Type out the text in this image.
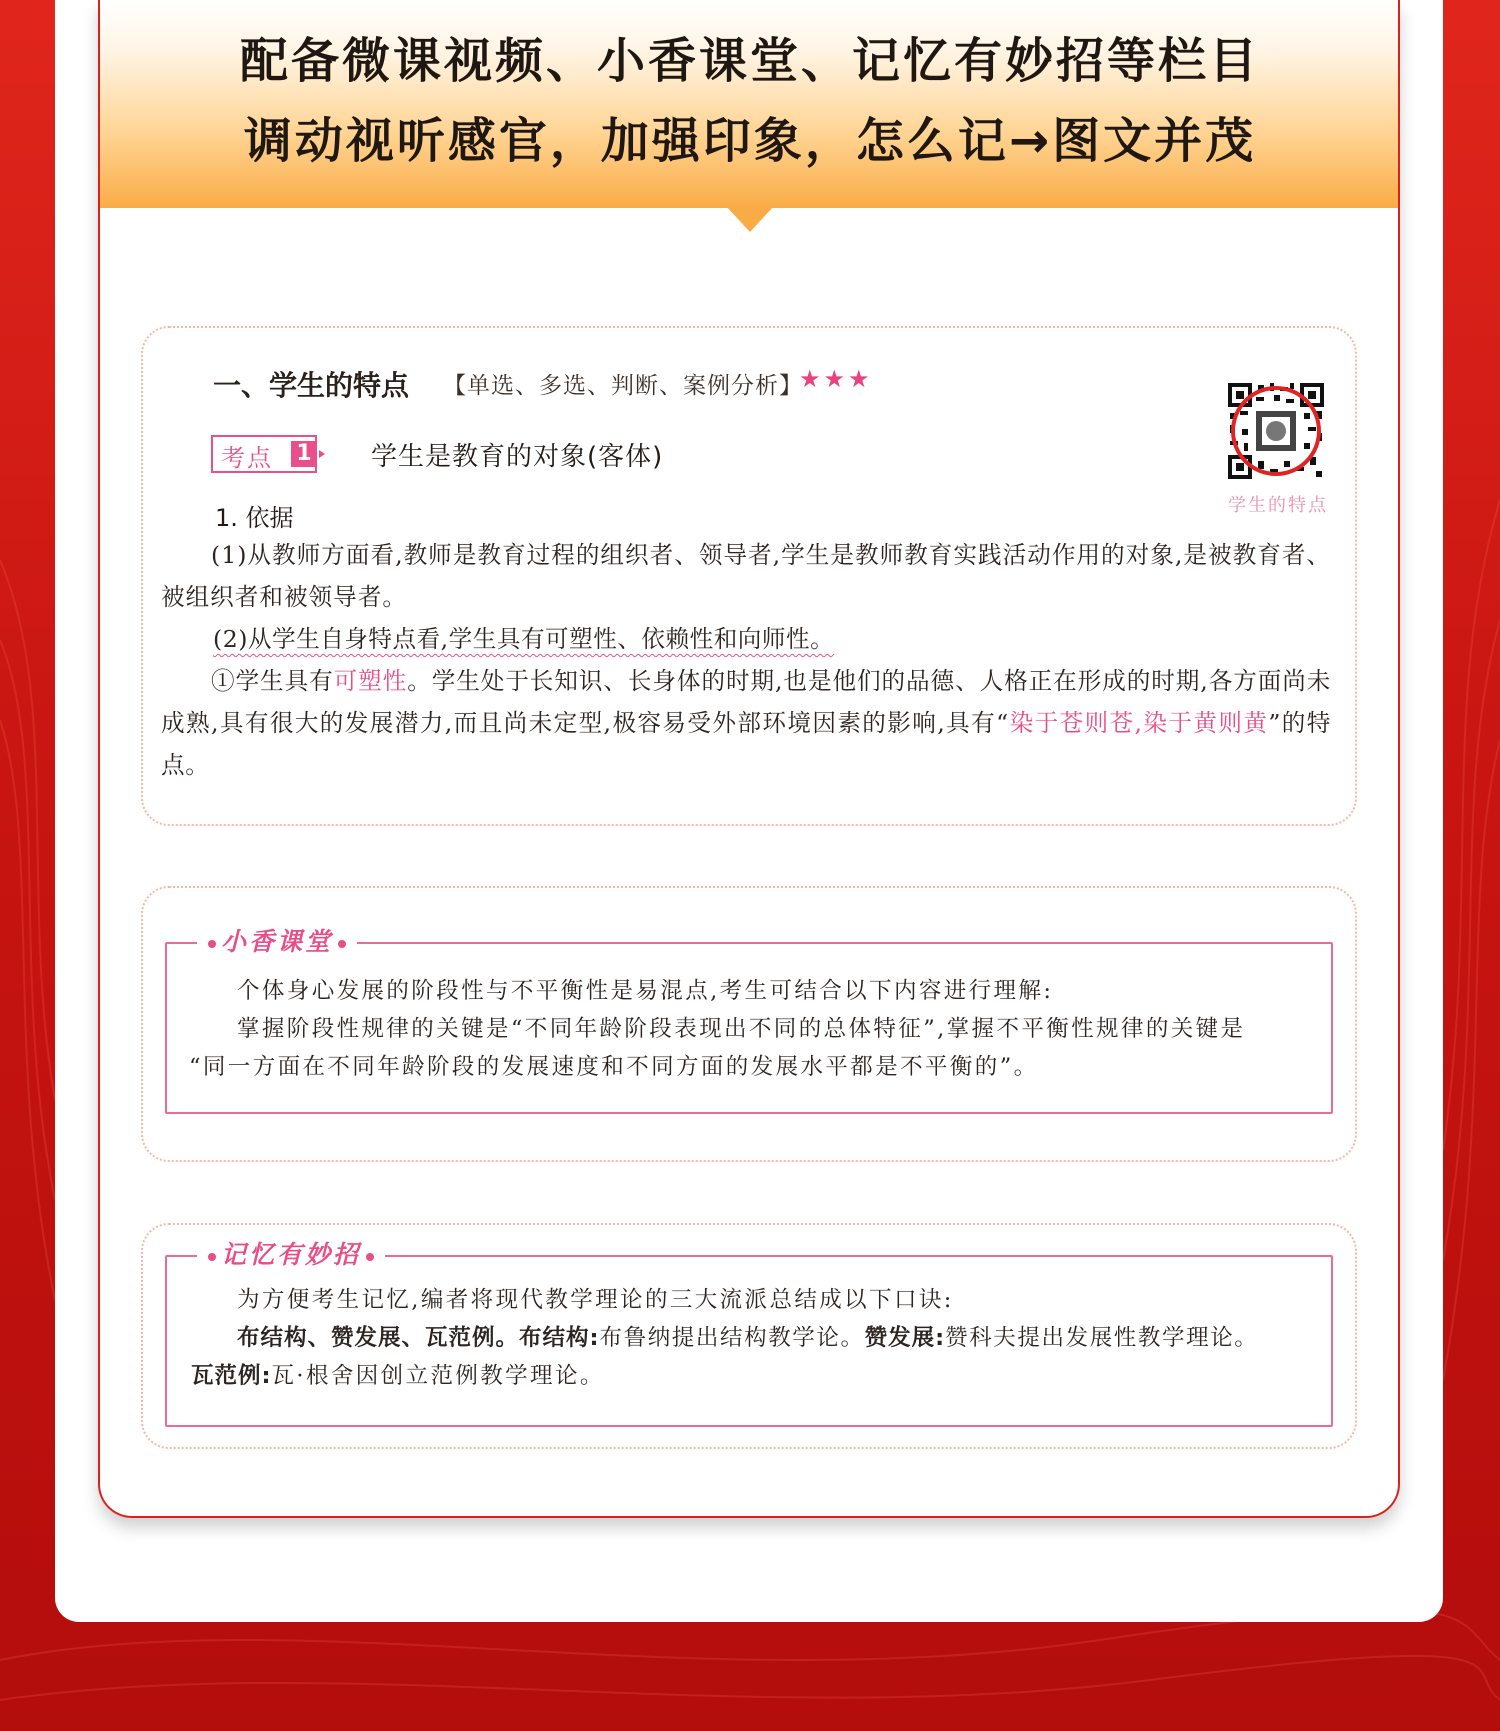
配备微课视频、小香课堂、记忆有妙招等栏目

调动视听感官，加强印象，怎么记→图文并茂

一、学生的特点 【单选、多选、判断、案例分析】
★★★
考点 1 学生是教育的对象(客体)
学生的特点
1. 依据

(1)从教师方面看,教师是教育过程的组织者、领导者,学生是教师教育实践活动作用的对象,是被教育者、被组织者和被领导者。

(2)从学生自身特点看,学生具有可塑性、依赖性和向师性。

①学生具有可塑性。学生处于长知识、长身体的时期,也是他们的品德、人格正在形成的时期,各方面尚未成熟,具有很大的发展潜力,而且尚未定型,极容易受外部环境因素的影响,具有“染于苍则苍,染于黄则黄”的特点。

小香课堂

个体身心发展的阶段性与不平衡性是易混点,考生可结合以下内容进行理解:

掌握阶段性规律的关键是“不同年龄阶段表现出不同的总体特征”,掌握不平衡性规律的关键是

“同一方面在不同年龄阶段的发展速度和不同方面的发展水平都是不平衡的”。

记忆有妙招

为方便考生记忆,编者将现代教学理论的三大流派总结成以下口诀:

布结构、赞发展、瓦范例。布结构:布鲁纳提出结构教学论。赞发展:赞科夫提出发展性教学理论。

瓦范例:瓦·根舍因创立范例教学理论。
